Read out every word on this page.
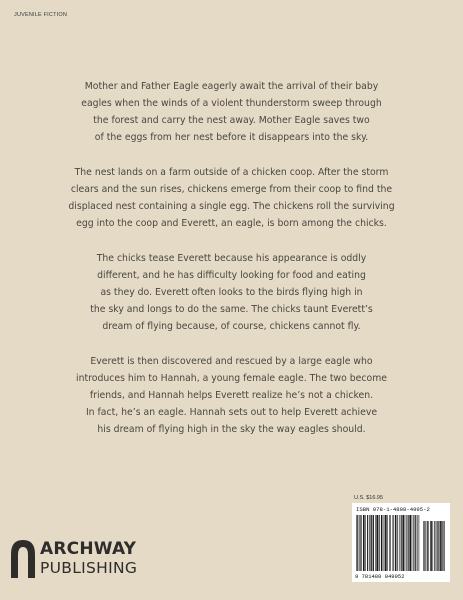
JUVENILE FICTION

Mother and Father Eagle eagerly await the arrival of their baby
eagles when the winds of a violent thunderstorm sweep through
the forest and carry the nest away. Mother Eagle saves two
of the eggs from her nest before it disappears into the sky.

The nest lands on a farm outside of a chicken coop. After the storm
clears and the sun rises, chickens emerge from their coop to find the
displaced nest containing a single egg. The chickens roll the surviving
egg into the coop and Everett, an eagle, is born among the chicks.

The chicks tease Everett because his appearance is oddly
different, and he has difficulty looking for food and eating
as they do. Everett often looks to the birds flying high in
the sky and longs to do the same. The chicks taunt Everett’s
dream of flying because, of course, chickens cannot fly.

Everett is then discovered and rescued by a large eagle who
introduces him to Hannah, a young female eagle. The two become
friends, and Hannah helps Everett realize he’s not a chicken.
In fact, he’s an eagle. Hannah sets out to help Everett achieve
his dream of flying high in the sky the way eagles should.

U.S. $16.95
ISBN 978-1-4808-4995-2
9 781480 849952
ARCHWAY
PUBLISHING
